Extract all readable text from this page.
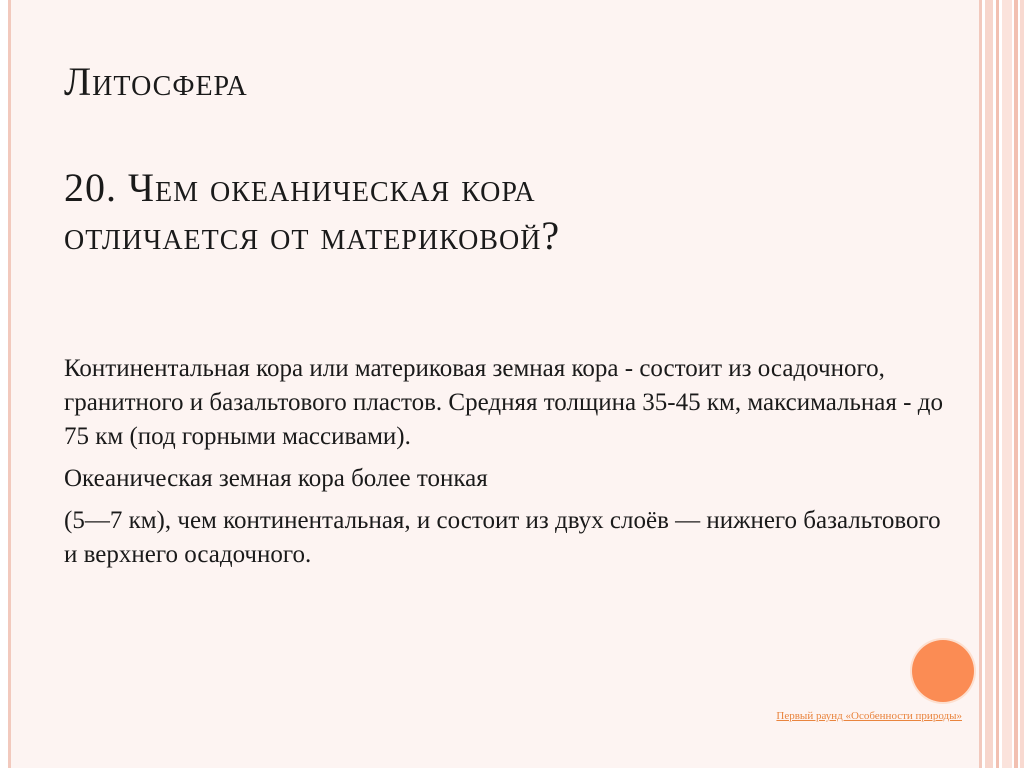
Литосфера
20. Чем океаническая кора
отличается от материковой?

Континентальная кора или материковая земная кора - состоит из осадочного, гранитного и базальтового пластов. Средняя толщина 35-45 км, максимальная - до 75 км (под горными массивами).

Океаническая земная кора более тонкая

(5—7 км), чем континентальная, и состоит из двух слоёв — нижнего базальтового и верхнего осадочного.

Первый раунд «Особенности природы»
